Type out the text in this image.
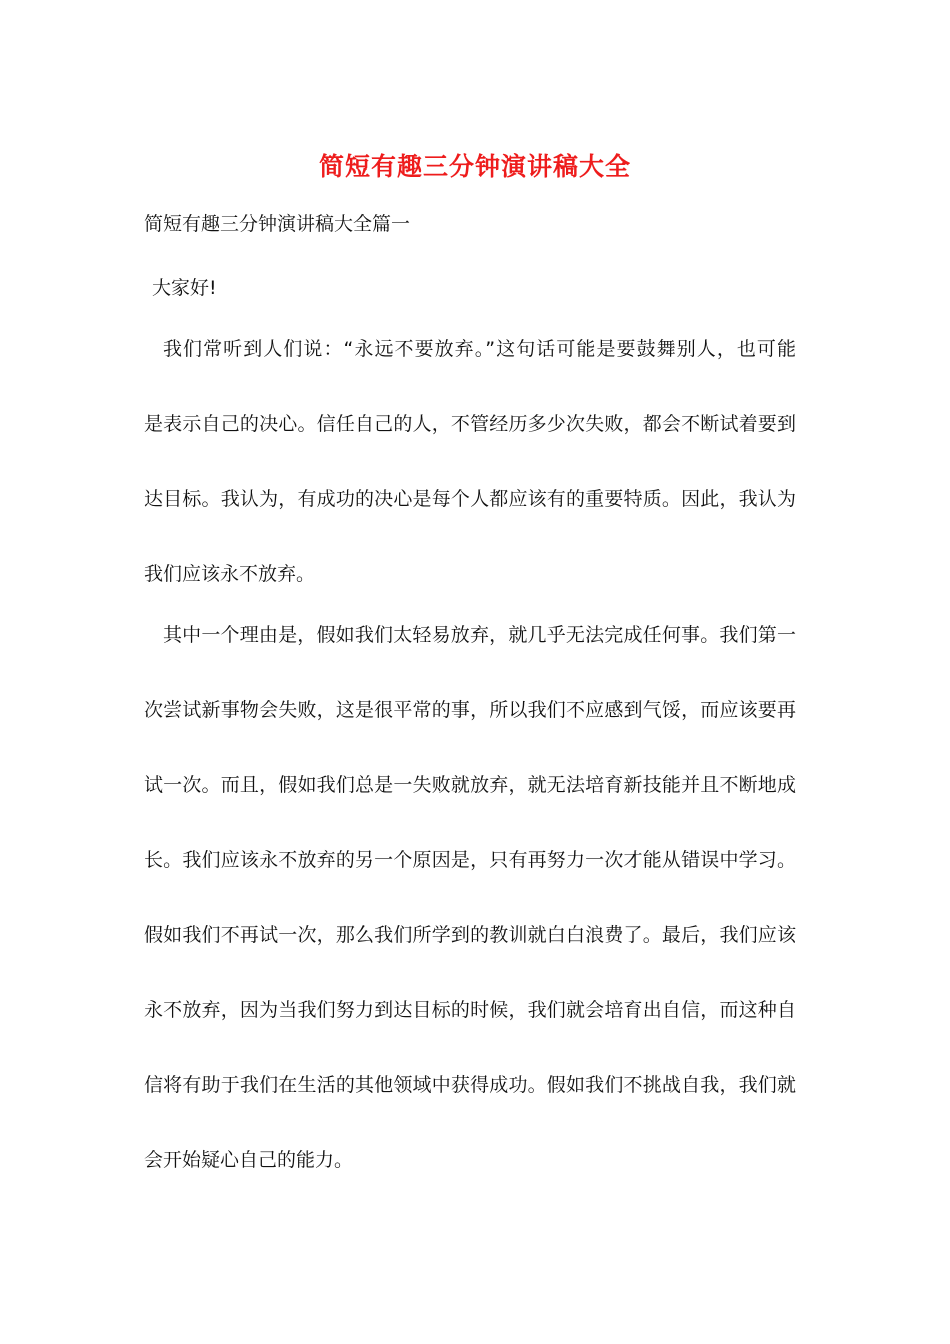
简短有趣三分钟演讲稿大全
简短有趣三分钟演讲稿大全篇一
大家好!
我们常听到人们说：“永远不要放弃。”这句话可能是要鼓舞别人，也可能
是表示自己的决心。信任自己的人，不管经历多少次失败，都会不断试着要到
达目标。我认为，有成功的决心是每个人都应该有的重要特质。因此，我认为
我们应该永不放弃。
其中一个理由是，假如我们太轻易放弃，就几乎无法完成任何事。我们第一
次尝试新事物会失败，这是很平常的事，所以我们不应感到气馁，而应该要再
试一次。而且，假如我们总是一失败就放弃，就无法培育新技能并且不断地成
长。我们应该永不放弃的另一个原因是，只有再努力一次才能从错误中学习。
假如我们不再试一次，那么我们所学到的教训就白白浪费了。最后，我们应该
永不放弃，因为当我们努力到达目标的时候，我们就会培育出自信，而这种自
信将有助于我们在生活的其他领域中获得成功。假如我们不挑战自我，我们就
会开始疑心自己的能力。
